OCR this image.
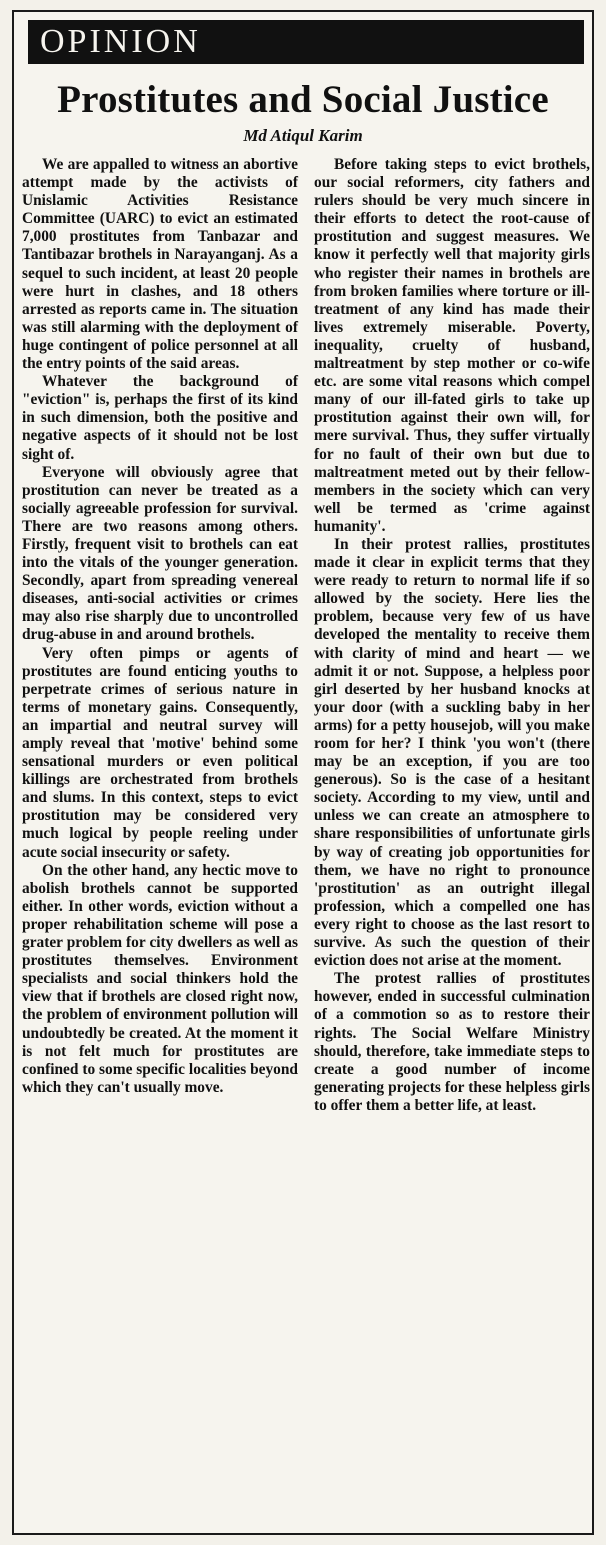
OPINION
Prostitutes and Social Justice
Md Atiqul Karim

We are appalled to witness an abortive attempt made by the activists of Unislamic Activities Resistance Committee (UARC) to evict an estimated 7,000 prostitutes from Tanbazar and Tantibazar brothels in Narayanganj. As a sequel to such incident, at least 20 people were hurt in clashes, and 18 others arrested as reports came in. The situation was still alarming with the deployment of huge contingent of police personnel at all the entry points of the said areas.

Whatever the background of "eviction" is, perhaps the first of its kind in such dimension, both the positive and negative aspects of it should not be lost sight of.

Everyone will obviously agree that prostitution can never be treated as a socially agreeable profession for survival. There are two reasons among others. Firstly, frequent visit to brothels can eat into the vitals of the younger generation. Secondly, apart from spreading venereal diseases, anti-social activities or crimes may also rise sharply due to uncontrolled drug-abuse in and around brothels.

Very often pimps or agents of prostitutes are found enticing youths to perpetrate crimes of serious nature in terms of monetary gains. Consequently, an impartial and neutral survey will amply reveal that 'motive' behind some sensational murders or even political killings are orchestrated from brothels and slums. In this context, steps to evict prostitution may be considered very much logical by people reeling under acute social insecurity or safety.

On the other hand, any hectic move to abolish brothels cannot be supported either. In other words, eviction without a proper rehabilitation scheme will pose a grater problem for city dwellers as well as prostitutes themselves. Environment specialists and social thinkers hold the view that if brothels are closed right now, the problem of environment pollution will undoubtedly be created. At the moment it is not felt much for prostitutes are confined to some specific localities beyond which they can't usually move.

Before taking steps to evict brothels, our social reformers, city fathers and rulers should be very much sincere in their efforts to detect the root-cause of prostitution and suggest measures. We know it perfectly well that majority girls who register their names in brothels are from broken families where torture or ill-treatment of any kind has made their lives extremely miserable. Poverty, inequality, cruelty of husband, maltreatment by step mother or co-wife etc. are some vital reasons which compel many of our ill-fated girls to take up prostitution against their own will, for mere survival. Thus, they suffer virtually for no fault of their own but due to maltreatment meted out by their fellow-members in the society which can very well be termed as 'crime against humanity'.

In their protest rallies, prostitutes made it clear in explicit terms that they were ready to return to normal life if so allowed by the society. Here lies the problem, because very few of us have developed the mentality to receive them with clarity of mind and heart — we admit it or not. Suppose, a helpless poor girl deserted by her husband knocks at your door (with a suckling baby in her arms) for a petty housejob, will you make room for her? I think 'you won't (there may be an exception, if you are too generous). So is the case of a hesitant society. According to my view, until and unless we can create an atmosphere to share responsibilities of unfortunate girls by way of creating job opportunities for them, we have no right to pronounce 'prostitution' as an outright illegal profession, which a compelled one has every right to choose as the last resort to survive. As such the question of their eviction does not arise at the moment.

The protest rallies of prostitutes however, ended in successful culmination of a commotion so as to restore their rights. The Social Welfare Ministry should, therefore, take immediate steps to create a good number of income generating projects for these helpless girls to offer them a better life, at least.
